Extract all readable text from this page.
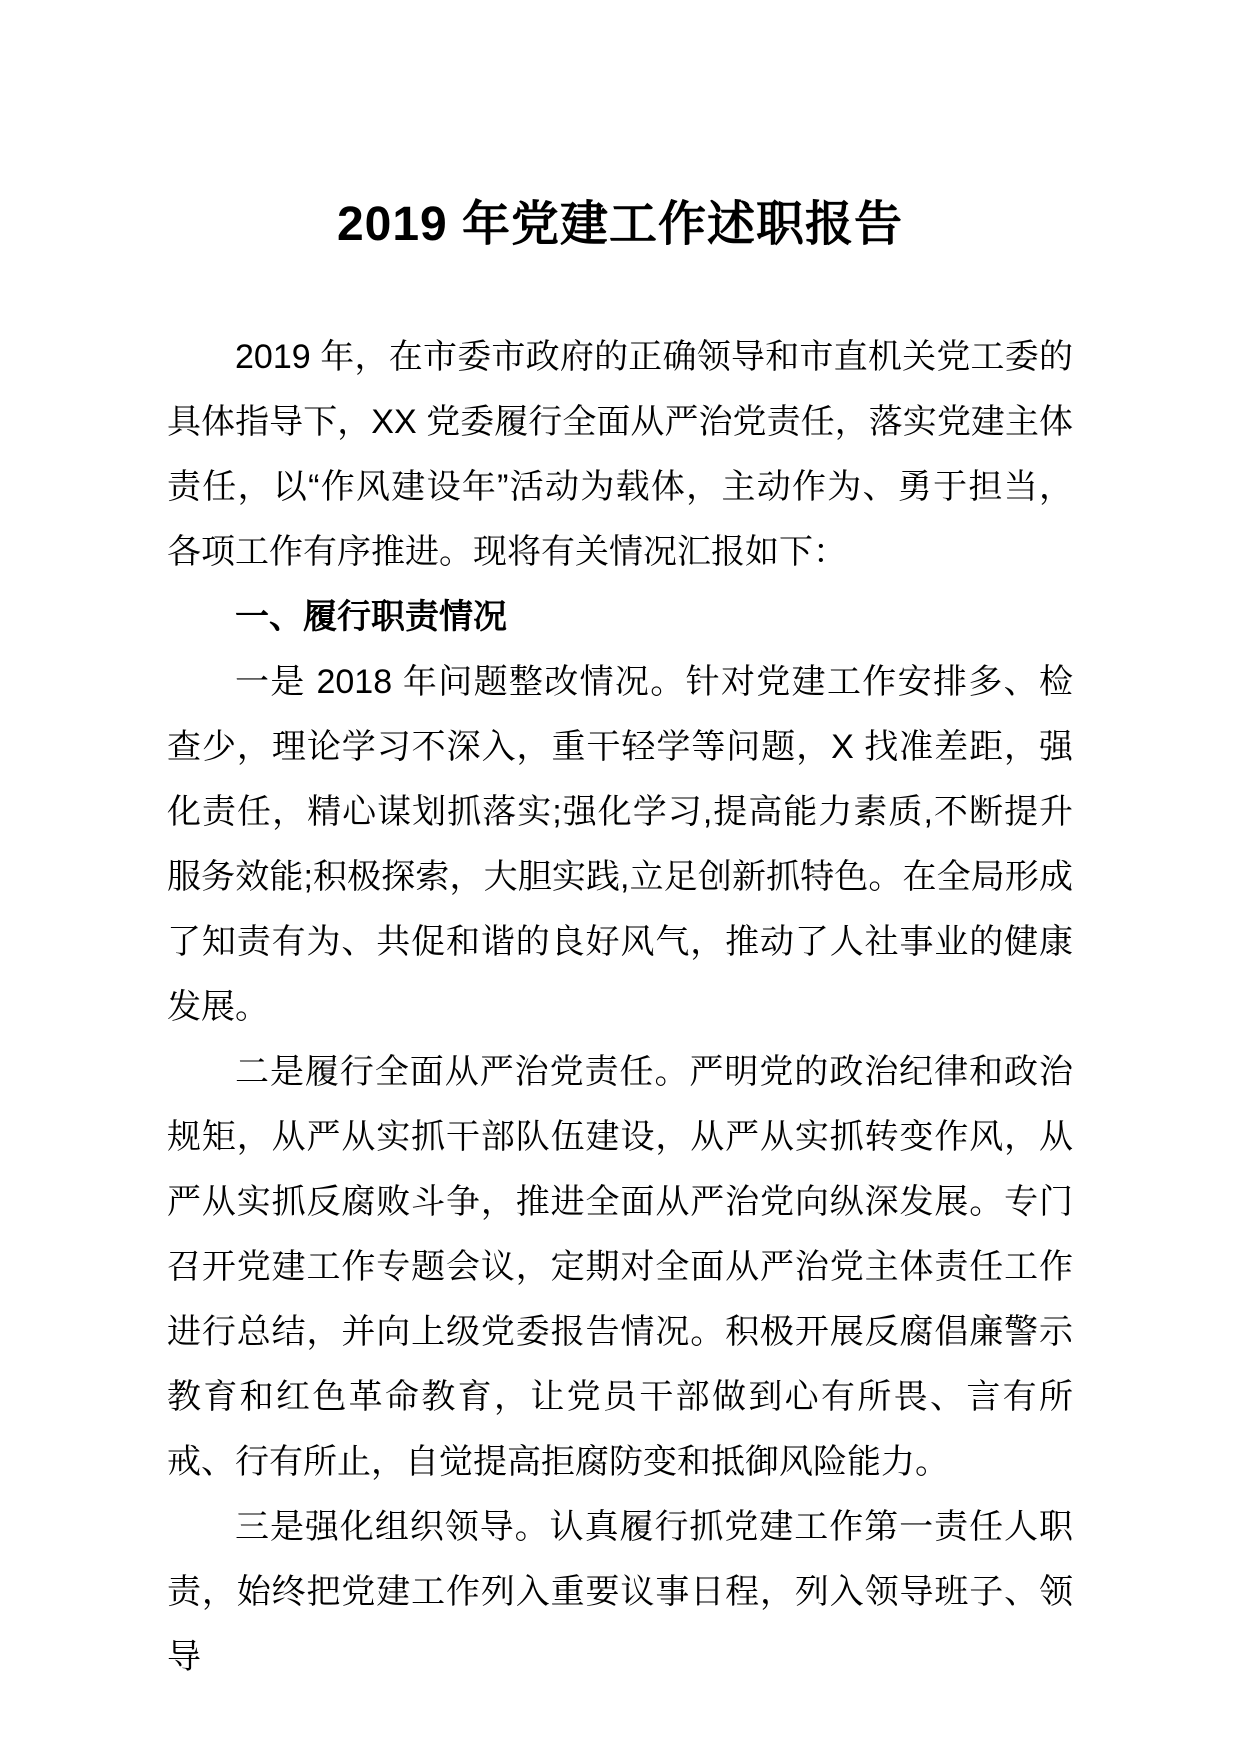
2019 年党建工作述职报告

2019 年，在市委市政府的正确领导和市直机关党工委的具体指导下，XX 党委履行全面从严治党责任，落实党建主体责任，以“作风建设年”活动为载体，主动作为、勇于担当，各项工作有序推进。现将有关情况汇报如下：

一、履行职责情况

一是 2018 年问题整改情况。针对党建工作安排多、检查少，理论学习不深入，重干轻学等问题，X 找准差距，强化责任，精心谋划抓落实;强化学习,提高能力素质,不断提升服务效能;积极探索，大胆实践,立足创新抓特色。在全局形成了知责有为、共促和谐的良好风气，推动了人社事业的健康发展。

二是履行全面从严治党责任。严明党的政治纪律和政治规矩，从严从实抓干部队伍建设，从严从实抓转变作风，从严从实抓反腐败斗争，推进全面从严治党向纵深发展。专门召开党建工作专题会议，定期对全面从严治党主体责任工作进行总结，并向上级党委报告情况。积极开展反腐倡廉警示教育和红色革命教育，让党员干部做到心有所畏、言有所戒、行有所止，自觉提高拒腐防变和抵御风险能力。

三是强化组织领导。认真履行抓党建工作第一责任人职责，始终把党建工作列入重要议事日程，列入领导班子、领导
